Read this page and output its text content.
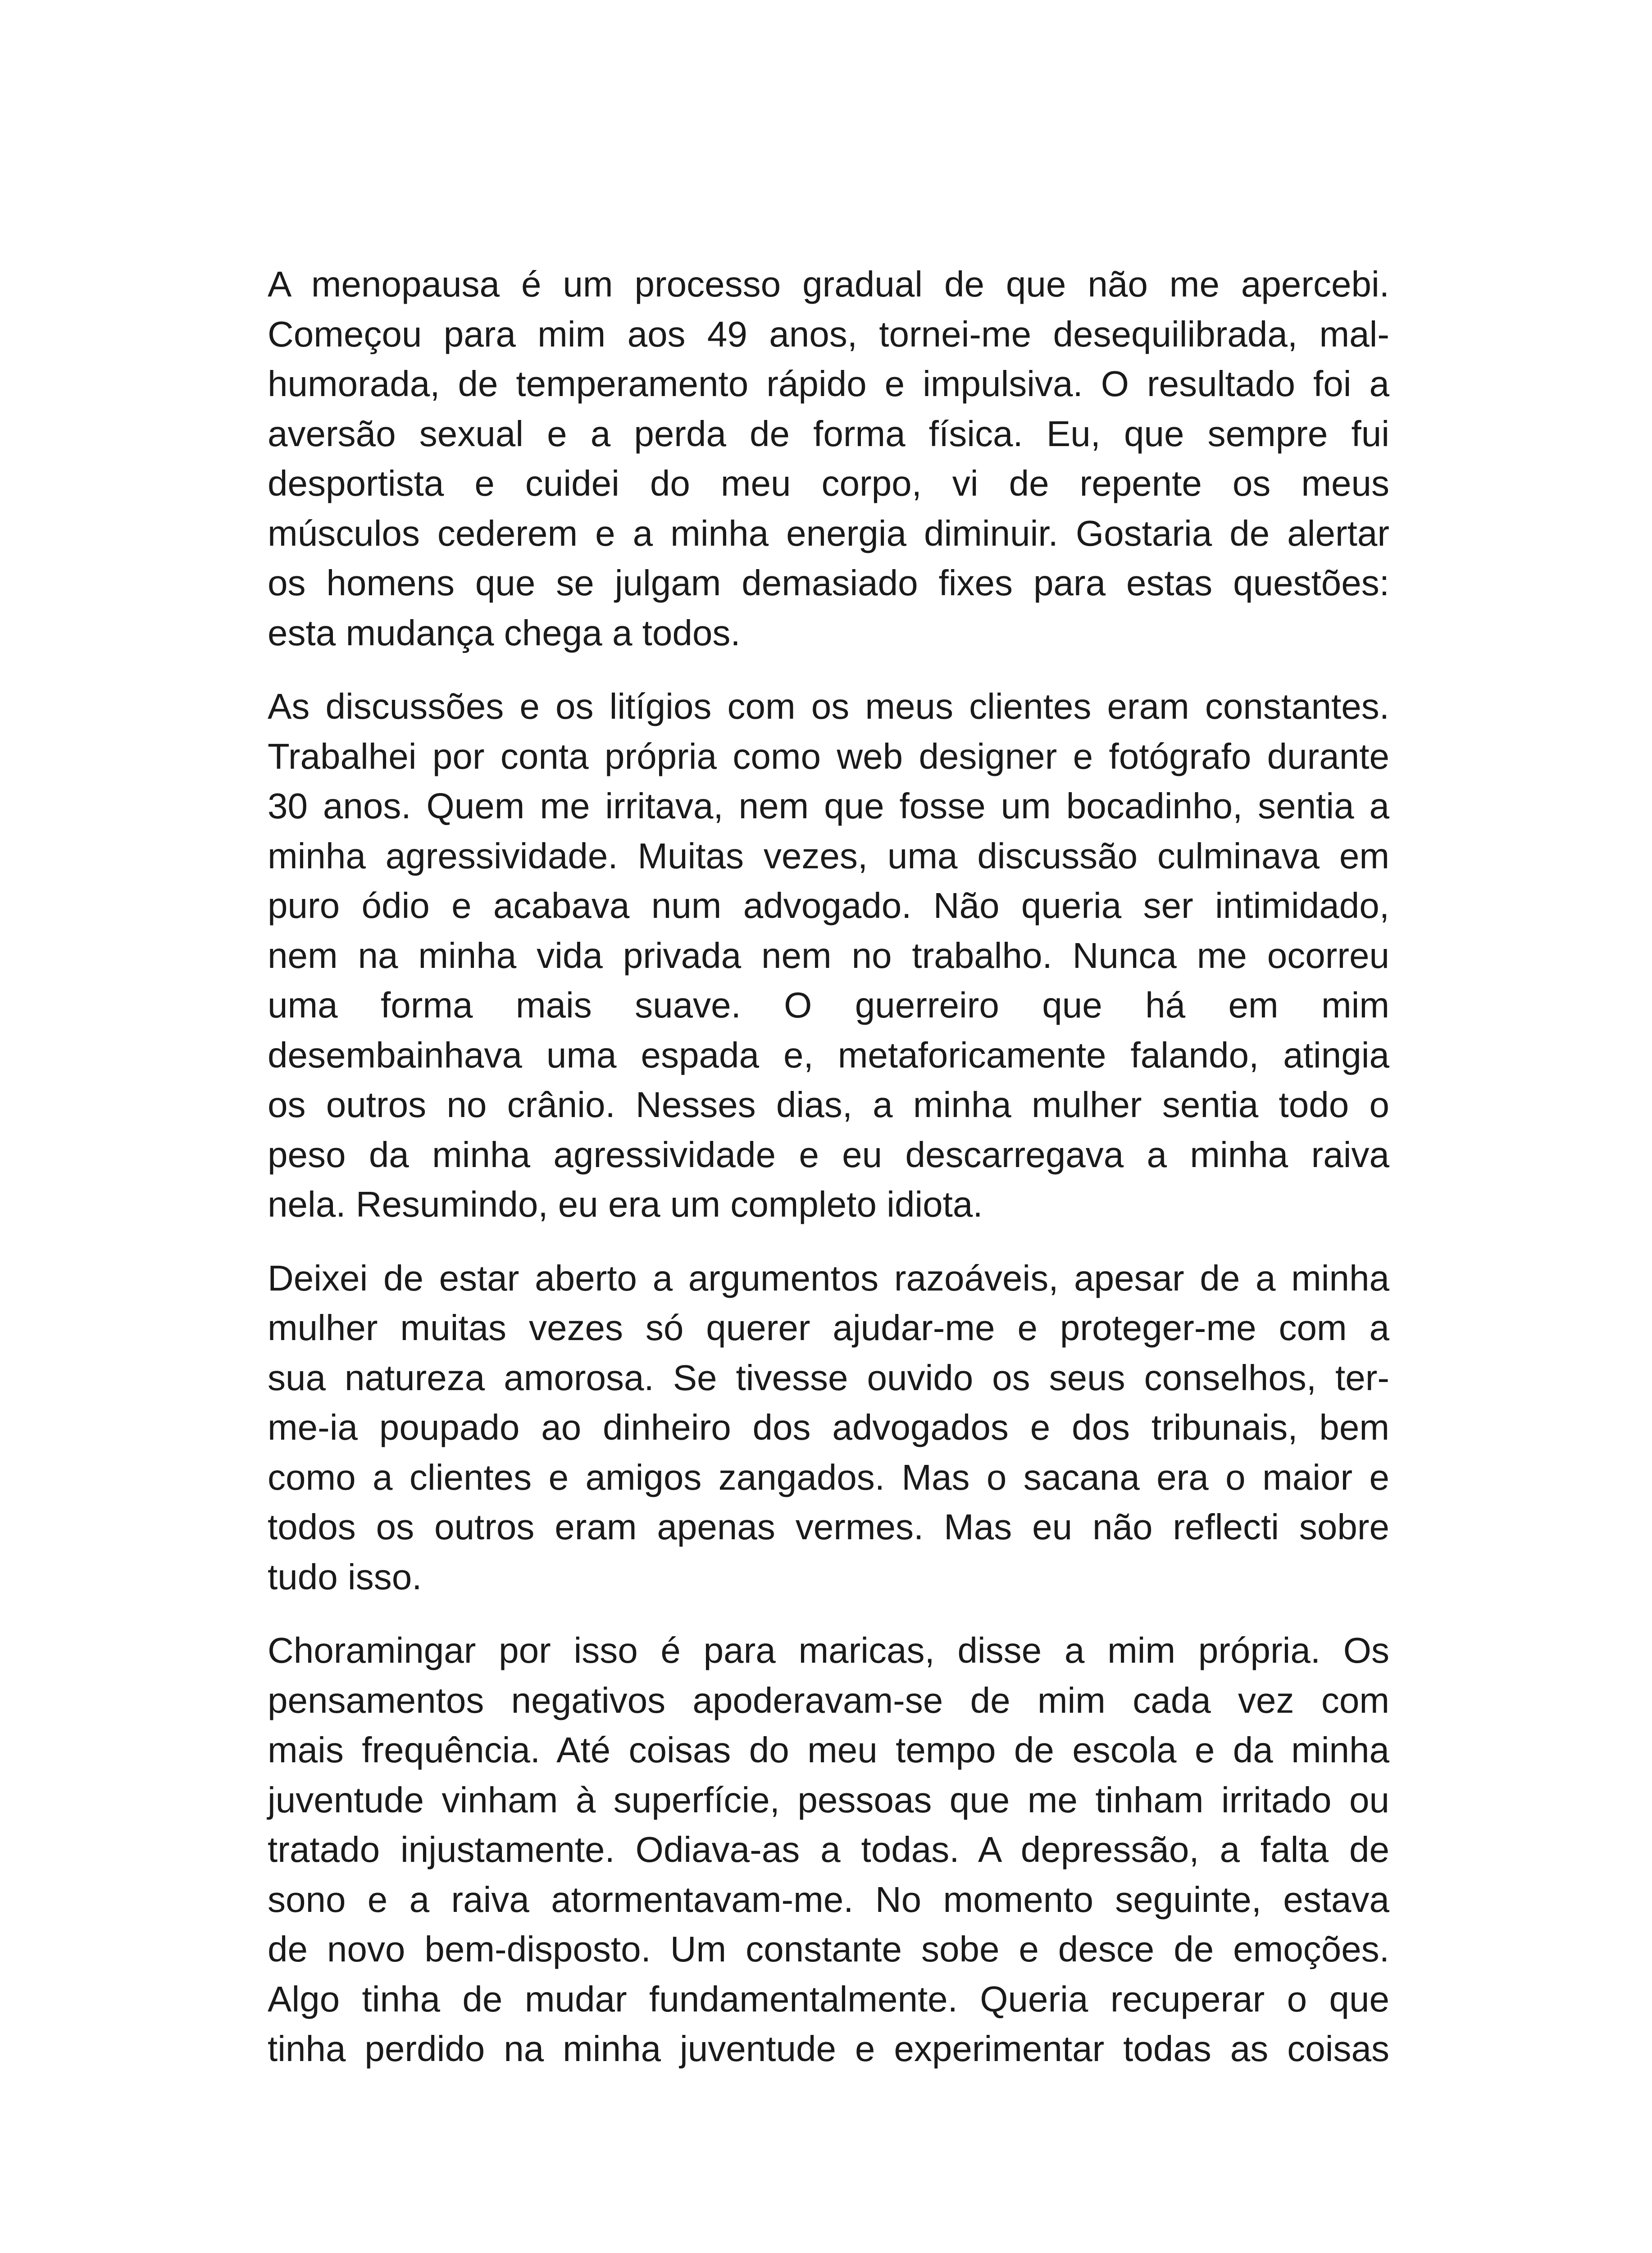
A menopausa é um processo gradual de que não me apercebi.
Começou para mim aos 49 anos, tornei-me desequilibrada, mal-
humorada, de temperamento rápido e impulsiva. O resultado foi a
aversão sexual e a perda de forma física. Eu, que sempre fui
desportista e cuidei do meu corpo, vi de repente os meus
músculos cederem e a minha energia diminuir. Gostaria de alertar
os homens que se julgam demasiado fixes para estas questões:
esta mudança chega a todos.
As discussões e os litígios com os meus clientes eram constantes.
Trabalhei por conta própria como web designer e fotógrafo durante
30 anos. Quem me irritava, nem que fosse um bocadinho, sentia a
minha agressividade. Muitas vezes, uma discussão culminava em
puro ódio e acabava num advogado. Não queria ser intimidado,
nem na minha vida privada nem no trabalho. Nunca me ocorreu
uma forma mais suave. O guerreiro que há em mim
desembainhava uma espada e, metaforicamente falando, atingia
os outros no crânio. Nesses dias, a minha mulher sentia todo o
peso da minha agressividade e eu descarregava a minha raiva
nela. Resumindo, eu era um completo idiota.
Deixei de estar aberto a argumentos razoáveis, apesar de a minha
mulher muitas vezes só querer ajudar-me e proteger-me com a
sua natureza amorosa. Se tivesse ouvido os seus conselhos, ter-
me-ia poupado ao dinheiro dos advogados e dos tribunais, bem
como a clientes e amigos zangados. Mas o sacana era o maior e
todos os outros eram apenas vermes. Mas eu não reflecti sobre
tudo isso.
Choramingar por isso é para maricas, disse a mim própria. Os
pensamentos negativos apoderavam-se de mim cada vez com
mais frequência. Até coisas do meu tempo de escola e da minha
juventude vinham à superfície, pessoas que me tinham irritado ou
tratado injustamente. Odiava-as a todas. A depressão, a falta de
sono e a raiva atormentavam-me. No momento seguinte, estava
de novo bem-disposto. Um constante sobe e desce de emoções.
Algo tinha de mudar fundamentalmente. Queria recuperar o que
tinha perdido na minha juventude e experimentar todas as coisas
